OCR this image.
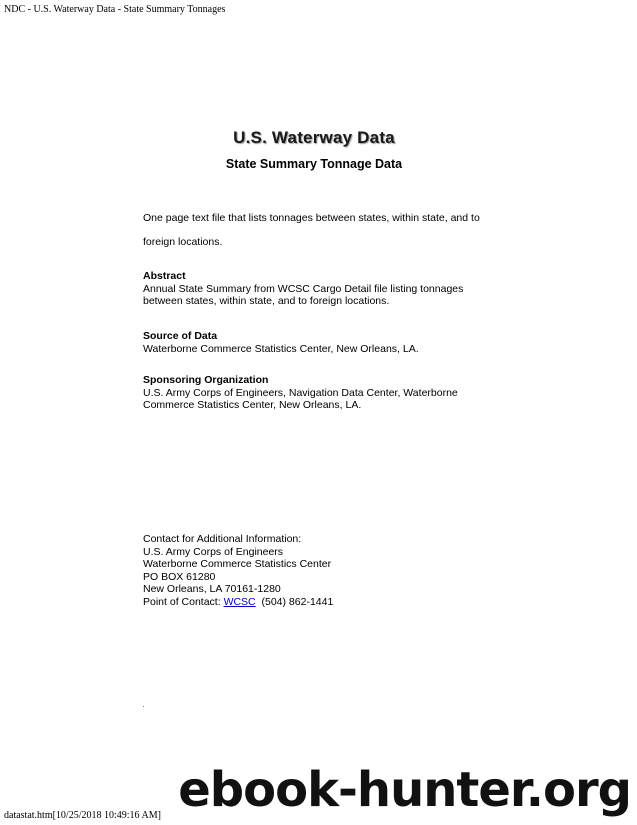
NDC - U.S. Waterway Data - State Summary Tonnages
U.S. Waterway Data
State Summary Tonnage Data
One page text file that lists tonnages between states, within state, and to foreign locations.
Abstract
Annual State Summary from WCSC Cargo Detail file listing tonnages between states, within state, and to foreign locations.
Source of Data
Waterborne Commerce Statistics Center, New Orleans, LA.
Sponsoring Organization
U.S. Army Corps of Engineers, Navigation Data Center, Waterborne Commerce Statistics Center, New Orleans, LA.
Contact for Additional Information:
U.S. Army Corps of Engineers
Waterborne Commerce Statistics Center
PO BOX 61280
New Orleans, LA 70161-1280
Point of Contact: WCSC (504) 862-1441
ebook-hunter.org
datastat.htm[10/25/2018 10:49:16 AM]
